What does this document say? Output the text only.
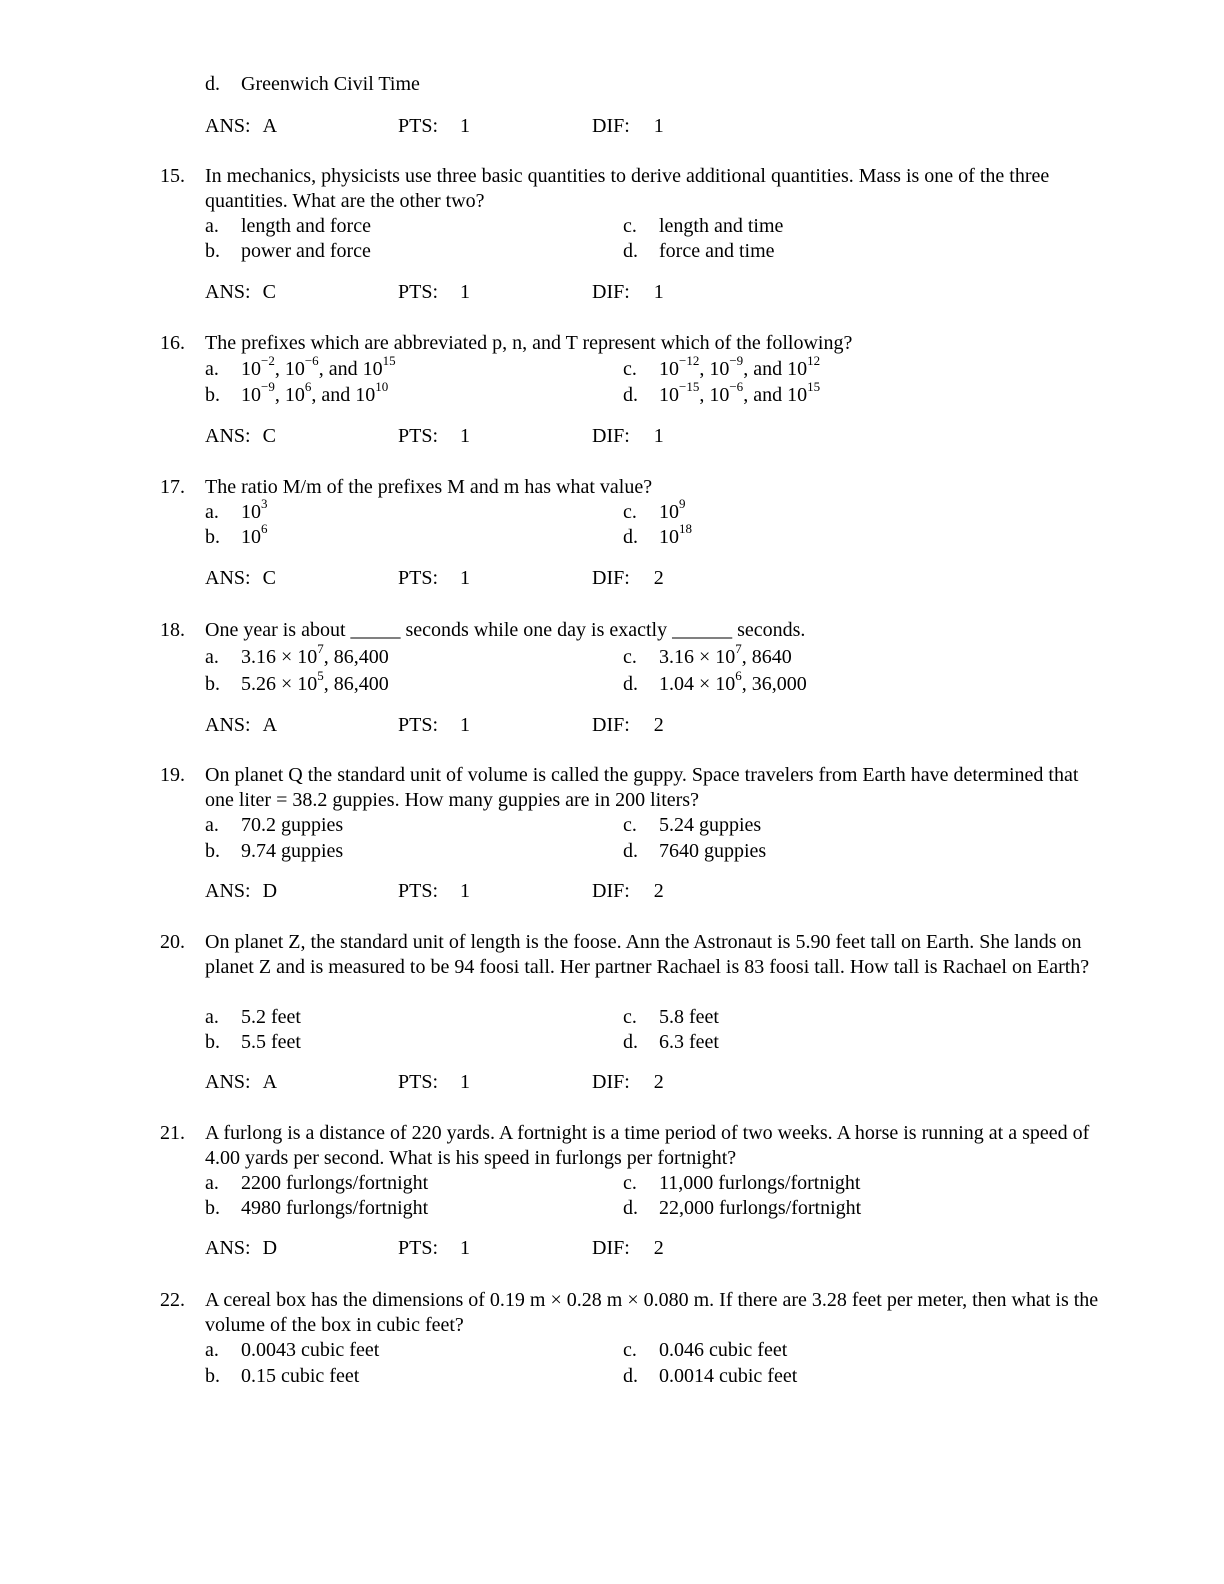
d. Greenwich Civil Time
ANS: A	PTS: 1	DIF: 1
15.	In mechanics, physicists use three basic quantities to derive additional quantities. Mass is one of the three quantities. What are the other two?
a. length and force	c. length and time
b. power and force	d. force and time
ANS: C	PTS: 1	DIF: 1
16.	The prefixes which are abbreviated p, n, and T represent which of the following?
a. $10^{-2}$, $10^{-6}$, and $10^{15}$	c. $10^{-12}$, $10^{-9}$, and $10^{12}$
b. $10^{-9}$, $10^6$, and $10^{10}$	d. $10^{-15}$, $10^{-6}$, and $10^{15}$
ANS: C	PTS: 1	DIF: 1
17.	The ratio M/m of the prefixes M and m has what value?
a. $10^3$	c. $10^9$
b. $10^6$	d. $10^{18}$
ANS: C	PTS: 1	DIF: 2
18.	One year is about _____ seconds while one day is exactly ______ seconds.
a. $3.16 \times 10^7$, 86,400	c. $3.16 \times 10^7$, 8640
b. $5.26 \times 10^5$, 86,400	d. $1.04 \times 10^6$, 36,000
ANS: A	PTS: 1	DIF: 2
19.	On planet Q the standard unit of volume is called the guppy. Space travelers from Earth have determined that one liter = 38.2 guppies. How many guppies are in 200 liters?
a. 70.2 guppies	c. 5.24 guppies
b. 9.74 guppies	d. 7640 guppies
ANS: D	PTS: 1	DIF: 2
20.	On planet Z, the standard unit of length is the foose. Ann the Astronaut is 5.90 feet tall on Earth. She lands on planet Z and is measured to be 94 foosi tall. Her partner Rachael is 83 foosi tall. How tall is Rachael on Earth?
a. 5.2 feet	c. 5.8 feet
b. 5.5 feet	d. 6.3 feet
ANS: A	PTS: 1	DIF: 2
21.	A furlong is a distance of 220 yards. A fortnight is a time period of two weeks. A horse is running at a speed of 4.00 yards per second. What is his speed in furlongs per fortnight?
a. 2200 furlongs/fortnight	c. 11,000 furlongs/fortnight
b. 4980 furlongs/fortnight	d. 22,000 furlongs/fortnight
ANS: D	PTS: 1	DIF: 2
22.	A cereal box has the dimensions of 0.19 m × 0.28 m × 0.080 m. If there are 3.28 feet per meter, then what is the volume of the box in cubic feet?
a. 0.0043 cubic feet	c. 0.046 cubic feet
b. 0.15 cubic feet	d. 0.0014 cubic feet
